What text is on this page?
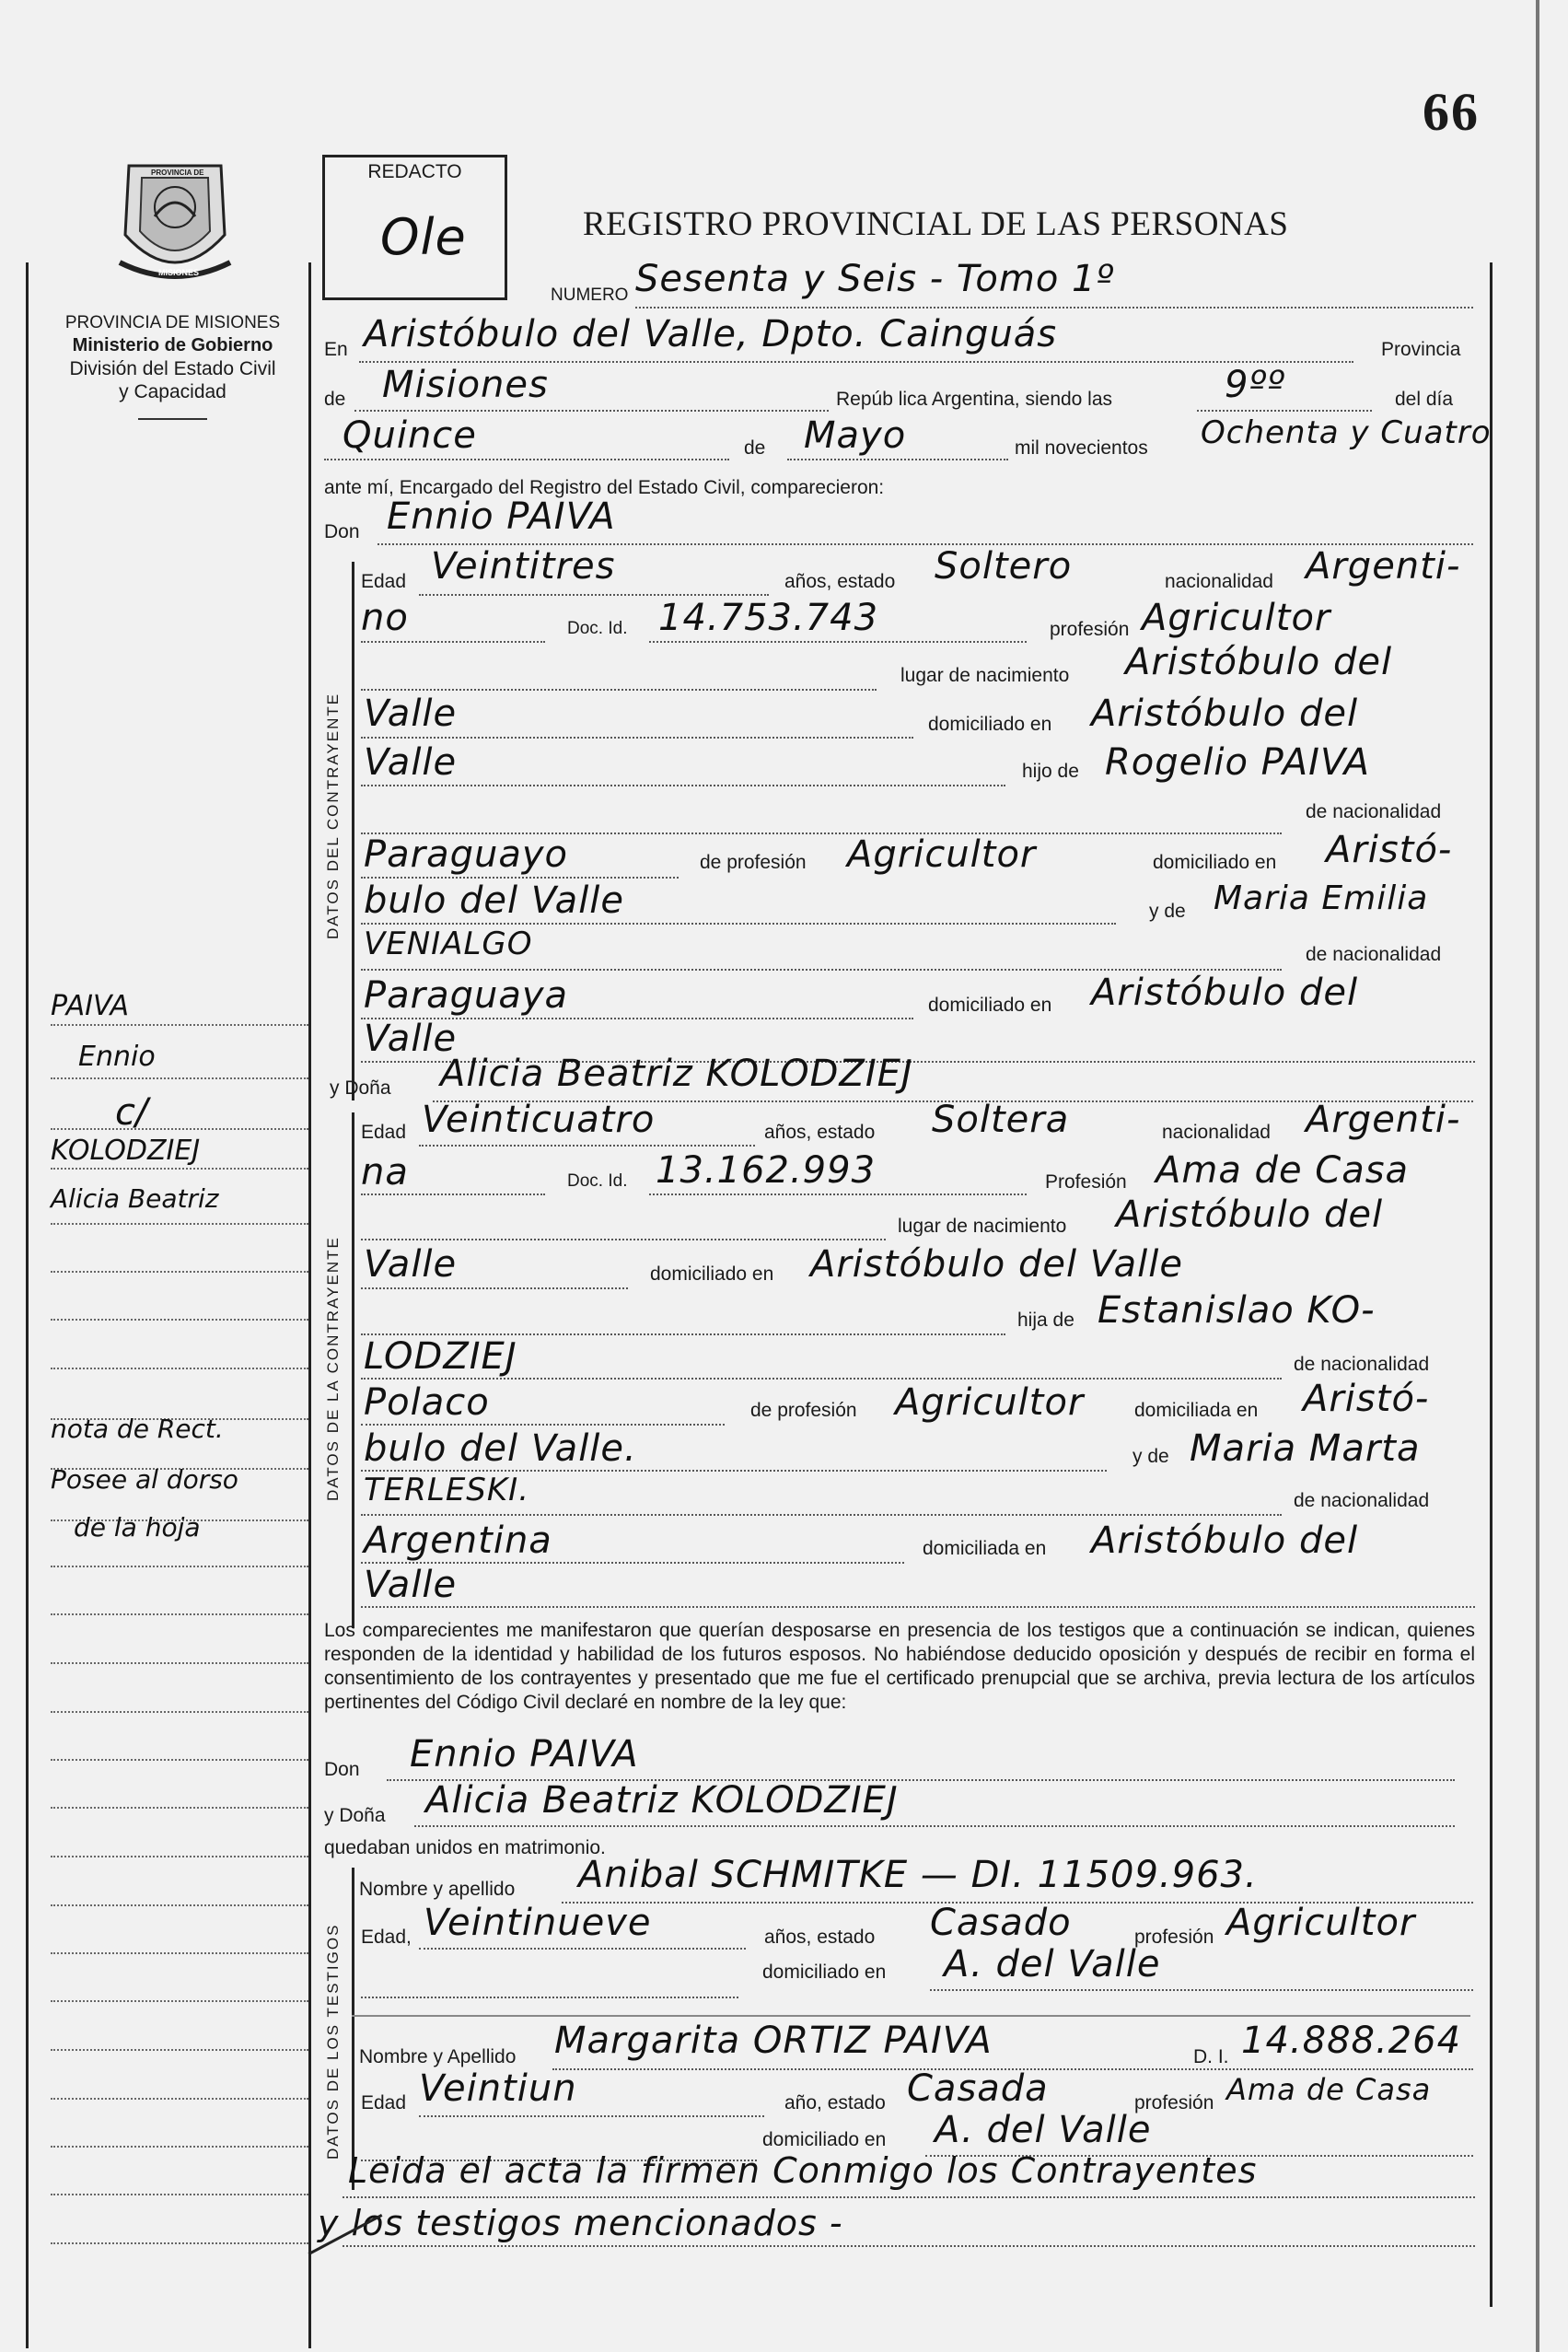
66
PROVINCIA DE
MISIONES
PROVINCIA DE MISIONES
Ministerio de Gobierno
División del Estado Civil
y Capacidad
REDACTO
Ole	REGISTRO PROVINCIAL DE LAS PERSONAS
PAIVA
Ennio
c/
KOLODZIEJ
Alicia Beatriz
nota de Rect.
Posee al dorso
de la hoja
NUMERO Sesenta y Seis - Tomo 1º
En Aristóbulo del Valle, Dpto. Cainguás	Provincia
de Misiones	Repúb lica Argentina, siendo las	9ºº	del día
Quince	de Mayo	mil novecientos Ochenta y Cuatro
ante mí, Encargado del Registro del Estado Civil, comparecieron:
Don Ennio PAIVA
DATOS DEL CONTRAYENTE
Edad Veintitres	años, estado Soltero	nacionalidad Argenti-
no	Doc. Id. 14.753.743	profesión Agricultor
lugar de nacimiento Aristóbulo del
Valle	domiciliado en Aristóbulo del
Valle	hijo de Rogelio PAIVA
de nacionalidad
Paraguayo	de profesión Agricultor	domiciliado en Aristó-
bulo del Valle	y de Maria Emilia
VENIALGO	de nacionalidad
Paraguaya	domiciliado en Aristóbulo del
Valle
y Doña Alicia Beatriz KOLODZIEJ
DATOS DE LA CONTRAYENTE
Edad Veinticuatro	años, estado Soltera	nacionalidad Argenti-
na	Doc. Id. 13.162.993	Profesión Ama de Casa
lugar de nacimiento Aristóbulo del
Valle	domiciliado en Aristóbulo del Valle
hija de Estanislao KO-
LODZIEJ	de nacionalidad
Polaco	de profesión Agricultor	domiciliada en Aristó-
bulo del Valle.	y de Maria Marta
TERLESKI.	de nacionalidad
Argentina	domiciliada en Aristóbulo del
Valle
Los comparecientes me manifestaron que querían desposarse en presencia de los testigos que a continuación se indican, quienes responden de la identidad y habilidad de los futuros esposos. No habiéndose deducido oposición y después de recibir en forma el consentimiento de los contrayentes y presentado que me fue el certificado prenupcial que se archiva, previa lectura de los artículos pertinentes del Código Civil declaré en nombre de la ley que:
Don Ennio PAIVA
y Doña Alicia Beatriz KOLODZIEJ
quedaban unidos en matrimonio.
DATOS DE LOS TESTIGOS
Nombre y apellido Anibal SCHMITKE — DI. 11509.963.
Edad, Veintinueve	años, estado Casado	profesión Agricultor
domiciliado en A. del Valle
Nombre y Apellido Margarita ORTIZ PAIVA	D. I. 14.888.264
Edad Veintiun	año, estado Casada	profesión Ama de Casa
domiciliado en A. del Valle
Leida el acta la firmen Conmigo los Contrayentes
y los testigos mencionados -
